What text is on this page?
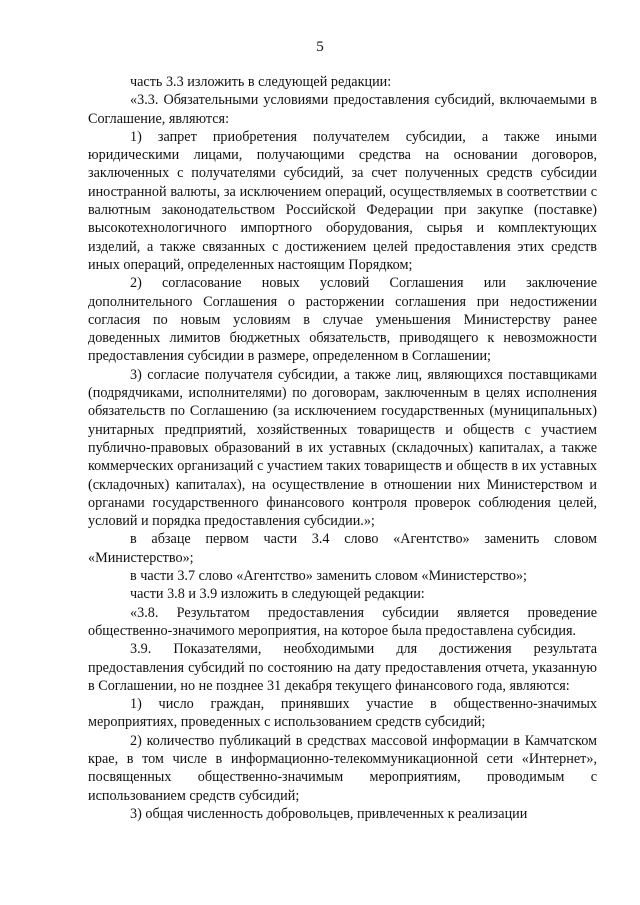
5

часть 3.3 изложить в следующей редакции:

«3.3. Обязательными условиями предоставления субсидий, включаемыми в Соглашение, являются:

1) запрет приобретения получателем субсидии, а также иными юридическими лицами, получающими средства на основании договоров, заключенных с получателями субсидий, за счет полученных средств субсидии иностранной валюты, за исключением операций, осуществляемых в соответствии с валютным законодательством Российской Федерации при закупке (поставке) высокотехнологичного импортного оборудования, сырья и комплектующих изделий, а также связанных с достижением целей предоставления этих средств иных операций, определенных настоящим Порядком;

2) согласование новых условий Соглашения или заключение дополнительного Соглашения о расторжении соглашения при недостижении согласия по новым условиям в случае уменьшения Министерству ранее доведенных лимитов бюджетных обязательств, приводящего к невозможности предоставления субсидии в размере, определенном в Соглашении;

3) согласие получателя субсидии, а также лиц, являющихся поставщиками (подрядчиками, исполнителями) по договорам, заключенным в целях исполнения обязательств по Соглашению (за исключением государственных (муниципальных) унитарных предприятий, хозяйственных товариществ и обществ с участием публично-правовых образований в их уставных (складочных) капиталах, а также коммерческих организаций с участием таких товариществ и обществ в их уставных (складочных) капиталах), на осуществление в отношении них Министерством и органами государственного финансового контроля проверок соблюдения целей, условий и порядка предоставления субсидии.»;

в абзаце первом части 3.4 слово «Агентство» заменить словом «Министерство»;

в части 3.7 слово «Агентство» заменить словом «Министерство»;

части 3.8 и 3.9 изложить в следующей редакции:

«3.8. Результатом предоставления субсидии является проведение общественно-значимого мероприятия, на которое была предоставлена субсидия.

3.9. Показателями, необходимыми для достижения результата предоставления субсидий по состоянию на дату предоставления отчета, указанную в Соглашении, но не позднее 31 декабря текущего финансового года, являются:

1) число граждан, принявших участие в общественно-значимых мероприятиях, проведенных с использованием средств субсидий;

2) количество публикаций в средствах массовой информации в Камчатском крае, в том числе в информационно-телекоммуникационной сети «Интернет», посвященных общественно-значимым мероприятиям, проводимым с использованием средств субсидий;

3) общая численность добровольцев, привлеченных к реализации
